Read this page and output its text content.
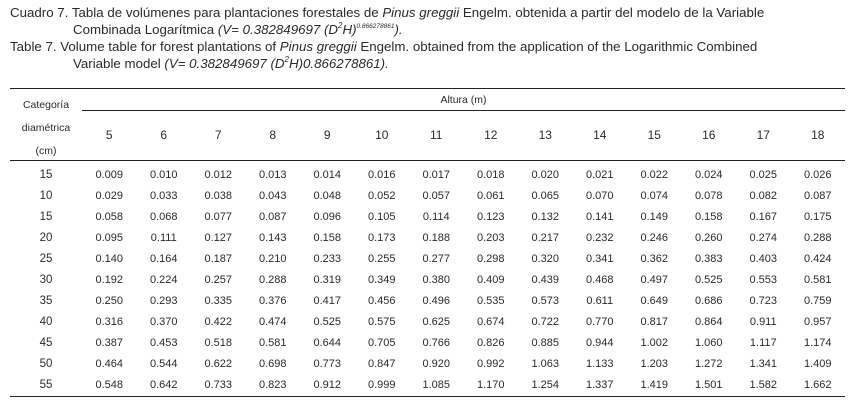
Cuadro 7. Tabla de volúmenes para plantaciones forestales de Pinus greggii Engelm. obtenida a partir del modelo de la Variable
Combinada Logarítmica (V= 0.382849697 $(D^2H)^{0.866278861}$).

Table 7. Volume table for forest plantations of Pinus greggii Engelm. obtained from the application of the Logarithmic Combined
Variable model (V= 0.382849697 $(D^2H)0.866278861$).

Categoría
diamétrica
(cm)
Altura (m)
5	6	7	8	9	10	11	12	13	14	15	16	17	18
15	0.009	0.010	0.012	0.013	0.014	0.016	0.017	0.018	0.020	0.021	0.022	0.024	0.025	0.026
10	0.029	0.033	0.038	0.043	0.048	0.052	0.057	0.061	0.065	0.070	0.074	0.078	0.082	0.087
15	0.058	0.068	0.077	0.087	0.096	0.105	0.114	0.123	0.132	0.141	0.149	0.158	0.167	0.175
20	0.095	0.111	0.127	0.143	0.158	0.173	0.188	0.203	0.217	0.232	0.246	0.260	0.274	0.288
25	0.140	0.164	0.187	0.210	0.233	0.255	0.277	0.298	0.320	0.341	0.362	0.383	0.403	0.424
30	0.192	0.224	0.257	0.288	0.319	0.349	0.380	0.409	0.439	0.468	0.497	0.525	0.553	0.581
35	0.250	0.293	0.335	0.376	0.417	0.456	0.496	0.535	0.573	0.611	0.649	0.686	0.723	0.759
40	0.316	0.370	0.422	0.474	0.525	0.575	0.625	0.674	0.722	0.770	0.817	0.864	0.911	0.957
45	0.387	0.453	0.518	0.581	0.644	0.705	0.766	0.826	0.885	0.944	1.002	1.060	1.117	1.174
50	0.464	0.544	0.622	0.698	0.773	0.847	0.920	0.992	1.063	1.133	1.203	1.272	1.341	1.409
55	0.548	0.642	0.733	0.823	0.912	0.999	1.085	1.170	1.254	1.337	1.419	1.501	1.582	1.662
